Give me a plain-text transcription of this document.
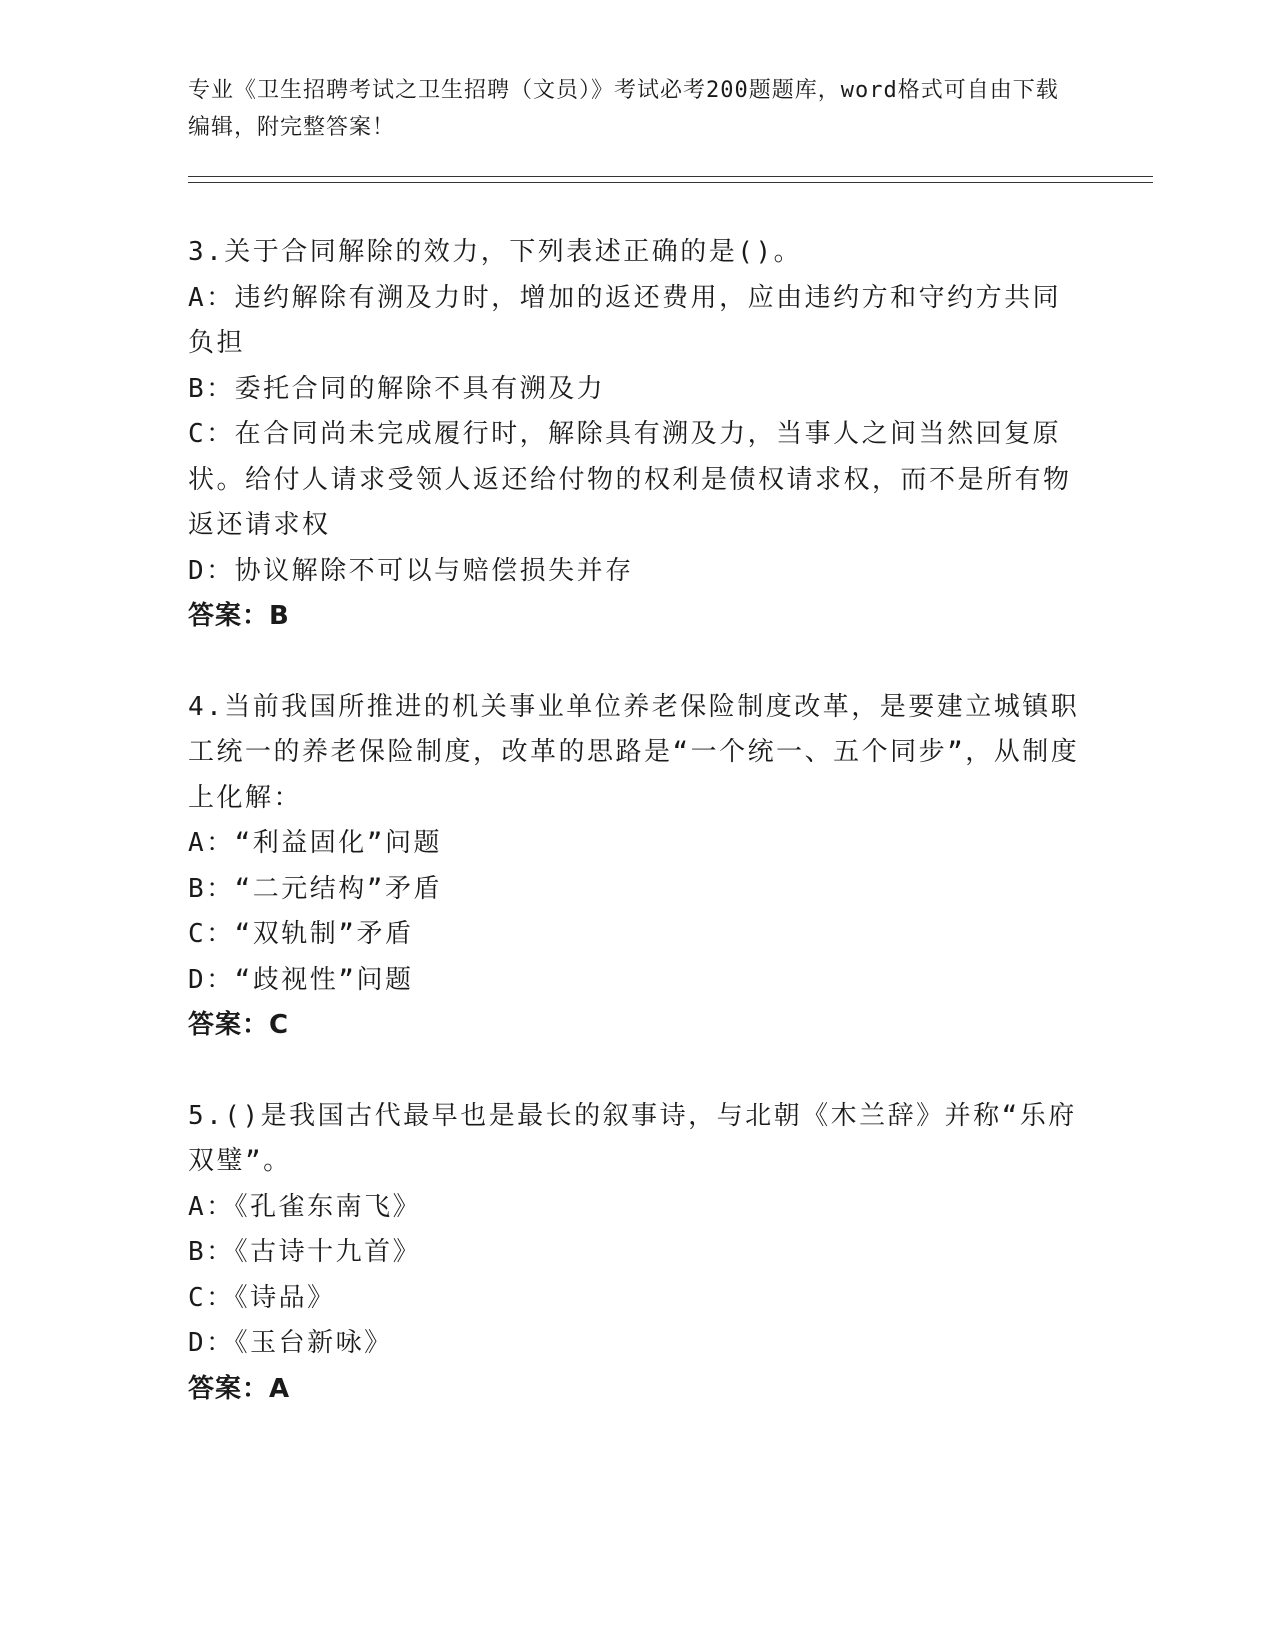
专业《卫生招聘考试之卫生招聘（文员）》考试必考200题题库，word格式可自由下载编辑，附完整答案！
3.关于合同解除的效力，下列表述正确的是()。
A：违约解除有溯及力时，增加的返还费用，应由违约方和守约方共同负担
B：委托合同的解除不具有溯及力
C：在合同尚未完成履行时，解除具有溯及力，当事人之间当然回复原状。给付人请求受领人返还给付物的权利是债权请求权，而不是所有物返还请求权
D：协议解除不可以与赔偿损失并存
答案：B
4.当前我国所推进的机关事业单位养老保险制度改革，是要建立城镇职工统一的养老保险制度，改革的思路是“一个统一、五个同步”，从制度上化解：
A：“利益固化”问题
B：“二元结构”矛盾
C：“双轨制”矛盾
D：“歧视性”问题
答案：C
5.()是我国古代最早也是最长的叙事诗，与北朝《木兰辞》并称“乐府双璧”。
A：《孔雀东南飞》
B：《古诗十九首》
C：《诗品》
D：《玉台新咏》
答案：A
